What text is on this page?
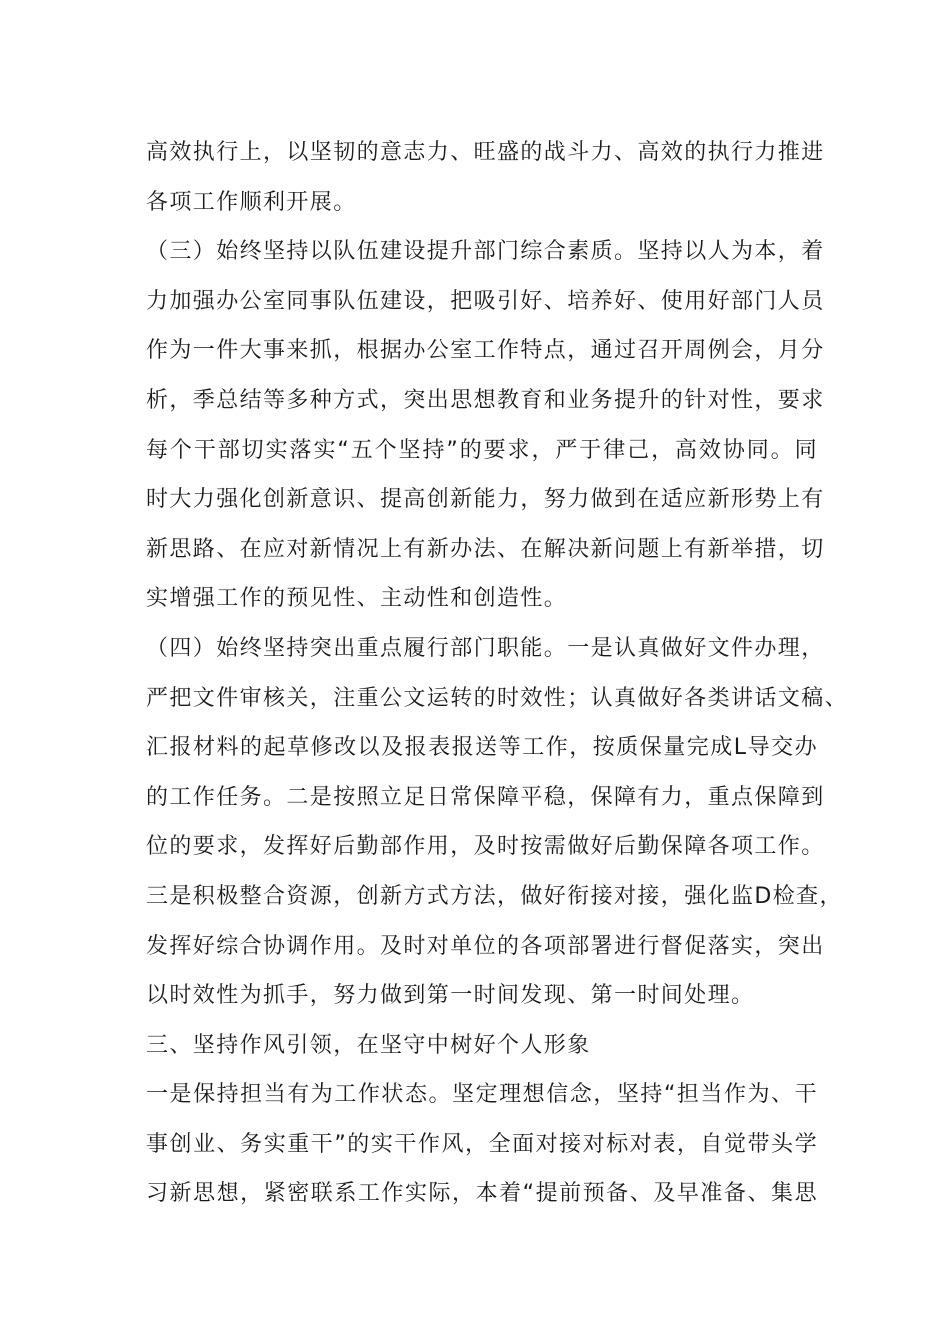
高效执行上，以坚韧的意志力、旺盛的战斗力、高效的执行力推进
各项工作顺利开展。
（三）始终坚持以队伍建设提升部门综合素质。坚持以人为本，着
力加强办公室同事队伍建设，把吸引好、培养好、使用好部门人员
作为一件大事来抓，根据办公室工作特点，通过召开周例会，月分
析，季总结等多种方式，突出思想教育和业务提升的针对性，要求
每个干部切实落实“五个坚持”的要求，严于律己，高效协同。同
时大力强化创新意识、提高创新能力，努力做到在适应新形势上有
新思路、在应对新情况上有新办法、在解决新问题上有新举措，切
实增强工作的预见性、主动性和创造性。
（四）始终坚持突出重点履行部门职能。一是认真做好文件办理，
严把文件审核关，注重公文运转的时效性；认真做好各类讲话文稿、
汇报材料的起草修改以及报表报送等工作，按质保量完成L导交办
的工作任务。二是按照立足日常保障平稳，保障有力，重点保障到
位的要求，发挥好后勤部作用，及时按需做好后勤保障各项工作。
三是积极整合资源，创新方式方法，做好衔接对接，强化监D检查，
发挥好综合协调作用。及时对单位的各项部署进行督促落实，突出
以时效性为抓手，努力做到第一时间发现、第一时间处理。
三、坚持作风引领，在坚守中树好个人形象
一是保持担当有为工作状态。坚定理想信念，坚持“担当作为、干
事创业、务实重干”的实干作风，全面对接对标对表，自觉带头学
习新思想，紧密联系工作实际，本着“提前预备、及早准备、集思
